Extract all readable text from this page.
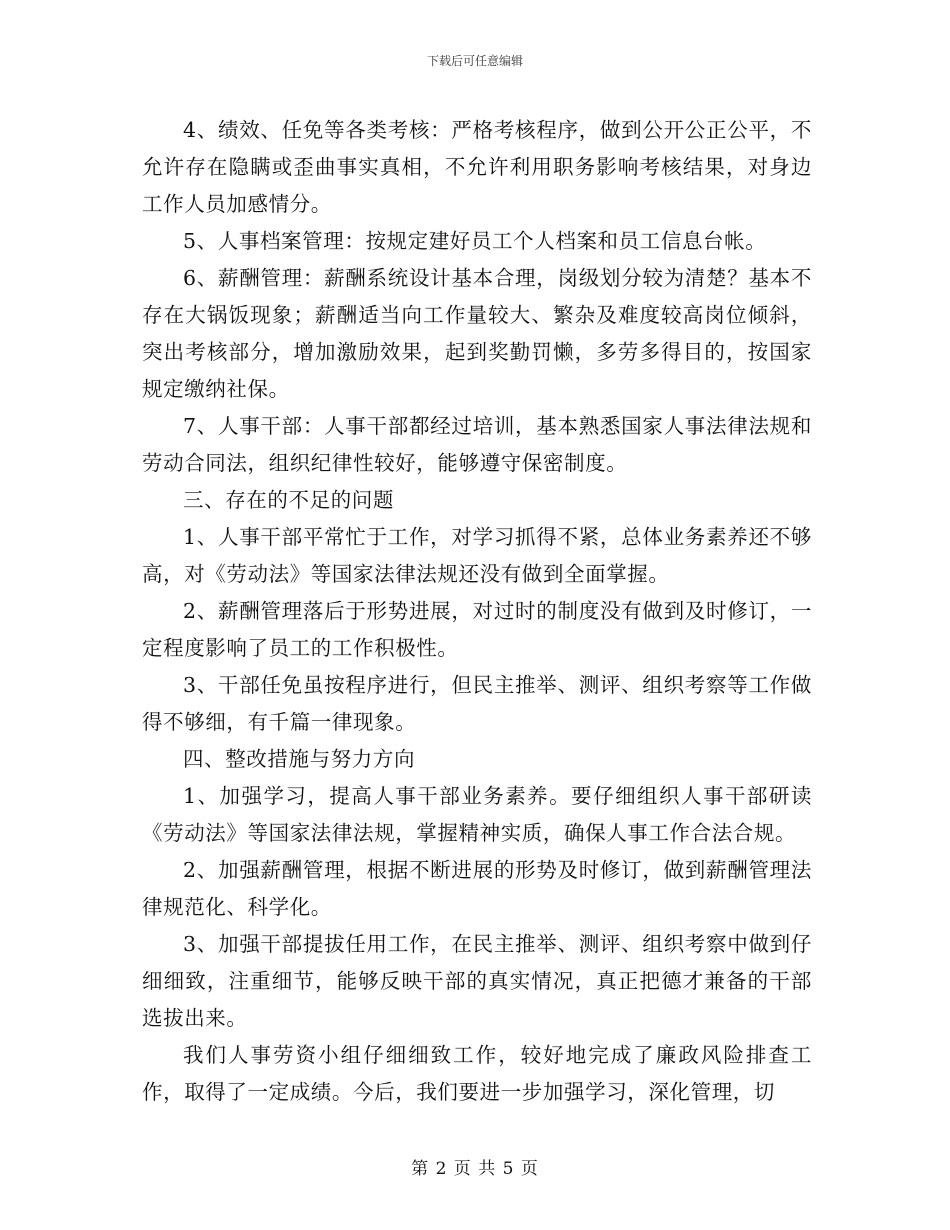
下载后可任意编辑

4、绩效、任免等各类考核：严格考核程序，做到公开公正公平，不允许存在隐瞒或歪曲事实真相，不允许利用职务影响考核结果，对身边工作人员加感情分。

5、人事档案管理：按规定建好员工个人档案和员工信息台帐。

6、薪酬管理：薪酬系统设计基本合理，岗级划分较为清楚？基本不存在大锅饭现象；薪酬适当向工作量较大、繁杂及难度较高岗位倾斜，突出考核部分，增加激励效果，起到奖勤罚懒，多劳多得目的，按国家规定缴纳社保。

7、人事干部：人事干部都经过培训，基本熟悉国家人事法律法规和劳动合同法，组织纪律性较好，能够遵守保密制度。

三、存在的不足的问题

1、人事干部平常忙于工作，对学习抓得不紧，总体业务素养还不够高，对《劳动法》等国家法律法规还没有做到全面掌握。

2、薪酬管理落后于形势进展，对过时的制度没有做到及时修订，一定程度影响了员工的工作积极性。

3、干部任免虽按程序进行，但民主推举、测评、组织考察等工作做得不够细，有千篇一律现象。

四、整改措施与努力方向

1、加强学习，提高人事干部业务素养。要仔细组织人事干部研读《劳动法》等国家法律法规，掌握精神实质，确保人事工作合法合规。

2、加强薪酬管理，根据不断进展的形势及时修订，做到薪酬管理法律规范化、科学化。

3、加强干部提拔任用工作，在民主推举、测评、组织考察中做到仔细细致，注重细节，能够反映干部的真实情况，真正把德才兼备的干部选拔出来。

我们人事劳资小组仔细细致工作，较好地完成了廉政风险排查工作，取得了一定成绩。今后，我们要进一步加强学习，深化管理，切

第 2 页 共 5 页
